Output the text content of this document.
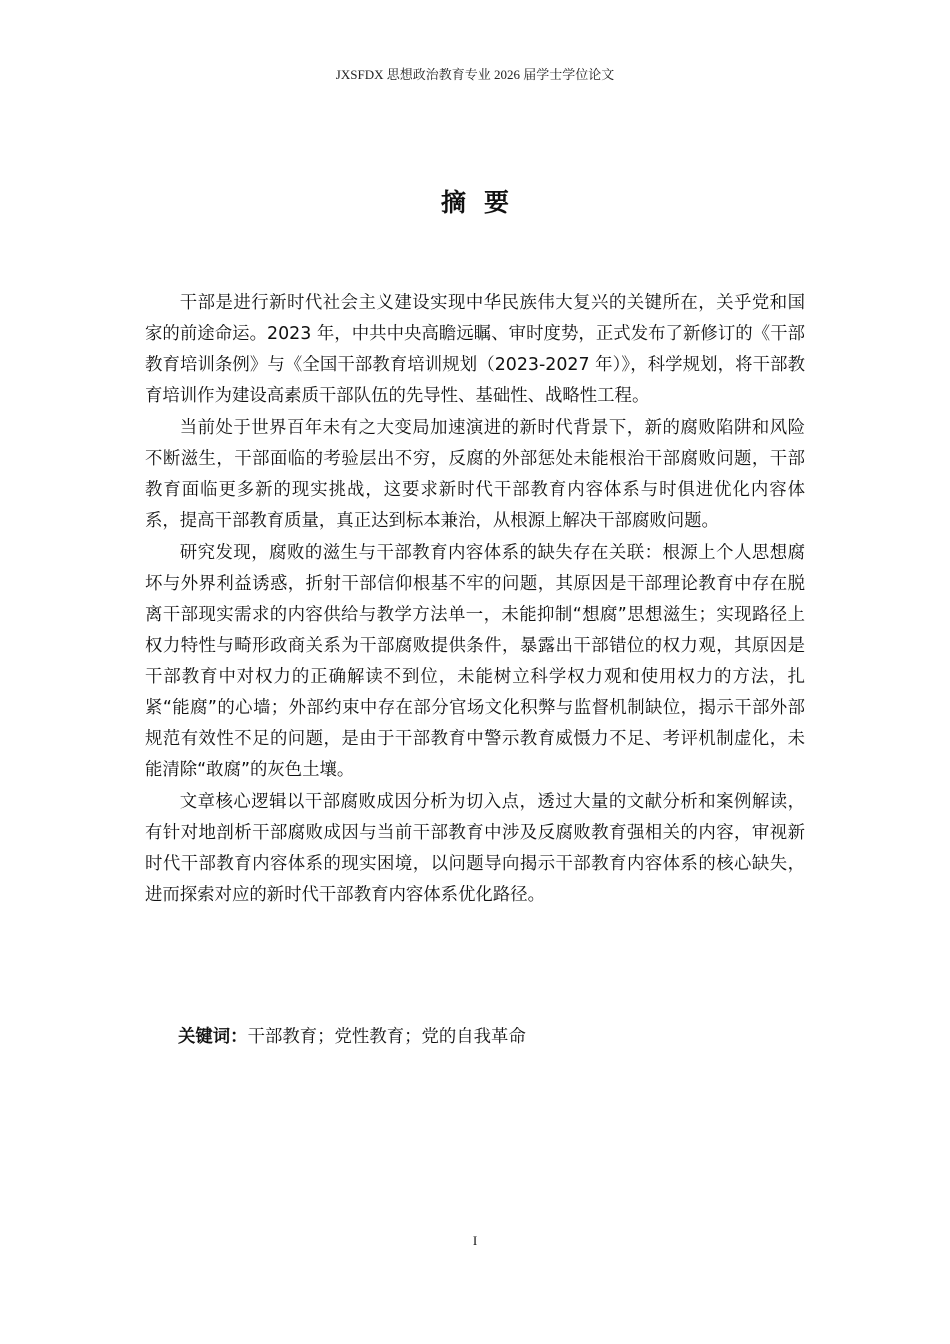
JXSFDX 思想政治教育专业 2026 届学士学位论文
摘要

干部是进行新时代社会主义建设实现中华民族伟大复兴的关键所在，关乎党和国家的前途命运。2023 年，中共中央高瞻远瞩、审时度势，正式发布了新修订的《干部教育培训条例》与《全国干部教育培训规划（2023-2027 年）》，科学规划，将干部教育培训作为建设高素质干部队伍的先导性、基础性、战略性工程。

当前处于世界百年未有之大变局加速演进的新时代背景下，新的腐败陷阱和风险不断滋生，干部面临的考验层出不穷，反腐的外部惩处未能根治干部腐败问题，干部教育面临更多新的现实挑战，这要求新时代干部教育内容体系与时俱进优化内容体系，提高干部教育质量，真正达到标本兼治，从根源上解决干部腐败问题。

研究发现，腐败的滋生与干部教育内容体系的缺失存在关联：根源上个人思想腐坏与外界利益诱惑，折射干部信仰根基不牢的问题，其原因是干部理论教育中存在脱离干部现实需求的内容供给与教学方法单一，未能抑制“想腐”思想滋生；实现路径上权力特性与畸形政商关系为干部腐败提供条件，暴露出干部错位的权力观，其原因是干部教育中对权力的正确解读不到位，未能树立科学权力观和使用权力的方法，扎紧“能腐”的心墙；外部约束中存在部分官场文化积弊与监督机制缺位，揭示干部外部规范有效性不足的问题，是由于干部教育中警示教育威慑力不足、考评机制虚化，未能清除“敢腐”的灰色土壤。

文章核心逻辑以干部腐败成因分析为切入点，透过大量的文献分析和案例解读，有针对地剖析干部腐败成因与当前干部教育中涉及反腐败教育强相关的内容，审视新时代干部教育内容体系的现实困境，以问题导向揭示干部教育内容体系的核心缺失，进而探索对应的新时代干部教育内容体系优化路径。

关键词：干部教育；党性教育；党的自我革命
I
